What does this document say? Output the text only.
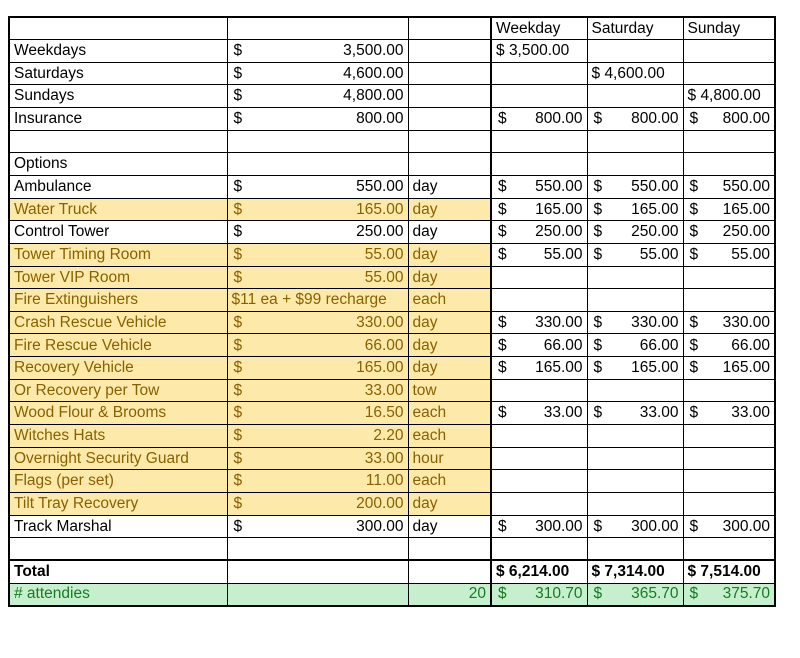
			Weekday	Saturday	Sunday
Weekdays	$ 3,500.00		$ 3,500.00		
Saturdays	$ 4,600.00			$ 4,600.00	
Sundays	$ 4,800.00				$ 4,800.00
Insurance	$ 800.00		$ 800.00	$ 800.00	$ 800.00

Options					
Ambulance	$ 550.00	day	$ 550.00	$ 550.00	$ 550.00

Water Truck	$ 165.00	day	$ 165.00	$ 165.00	$ 165.00

Control Tower	$ 250.00	day	$ 250.00	$ 250.00	$ 250.00

Tower Timing Room	$ 55.00	day	$ 55.00	$ 55.00	$ 55.00

Tower VIP Room	$ 55.00	day			
Fire Extinguishers	$11 ea + $99 recharge	each			
Crash Rescue Vehicle	$ 330.00	day	$ 330.00	$ 330.00	$ 330.00

Fire Rescue Vehicle	$ 66.00	day	$ 66.00	$ 66.00	$ 66.00

Recovery Vehicle	$ 165.00	day	$ 165.00	$ 165.00	$ 165.00

Or Recovery per Tow	$ 33.00	tow			
Wood Flour & Brooms	$ 16.50	each	$ 33.00	$ 33.00	$ 33.00

Witches Hats	$ 2.20	each			
Overnight Security Guard	$ 33.00	hour			
Flags (per set)	$ 11.00	each			
Tilt Tray Recovery	$ 200.00	day			
Track Marshal	$ 300.00	day	$ 300.00	$ 300.00	$ 300.00

Total			$ 6,214.00	$ 7,314.00	$ 7,514.00
# attendies		20	$ 310.70	$ 365.70	$ 375.70
